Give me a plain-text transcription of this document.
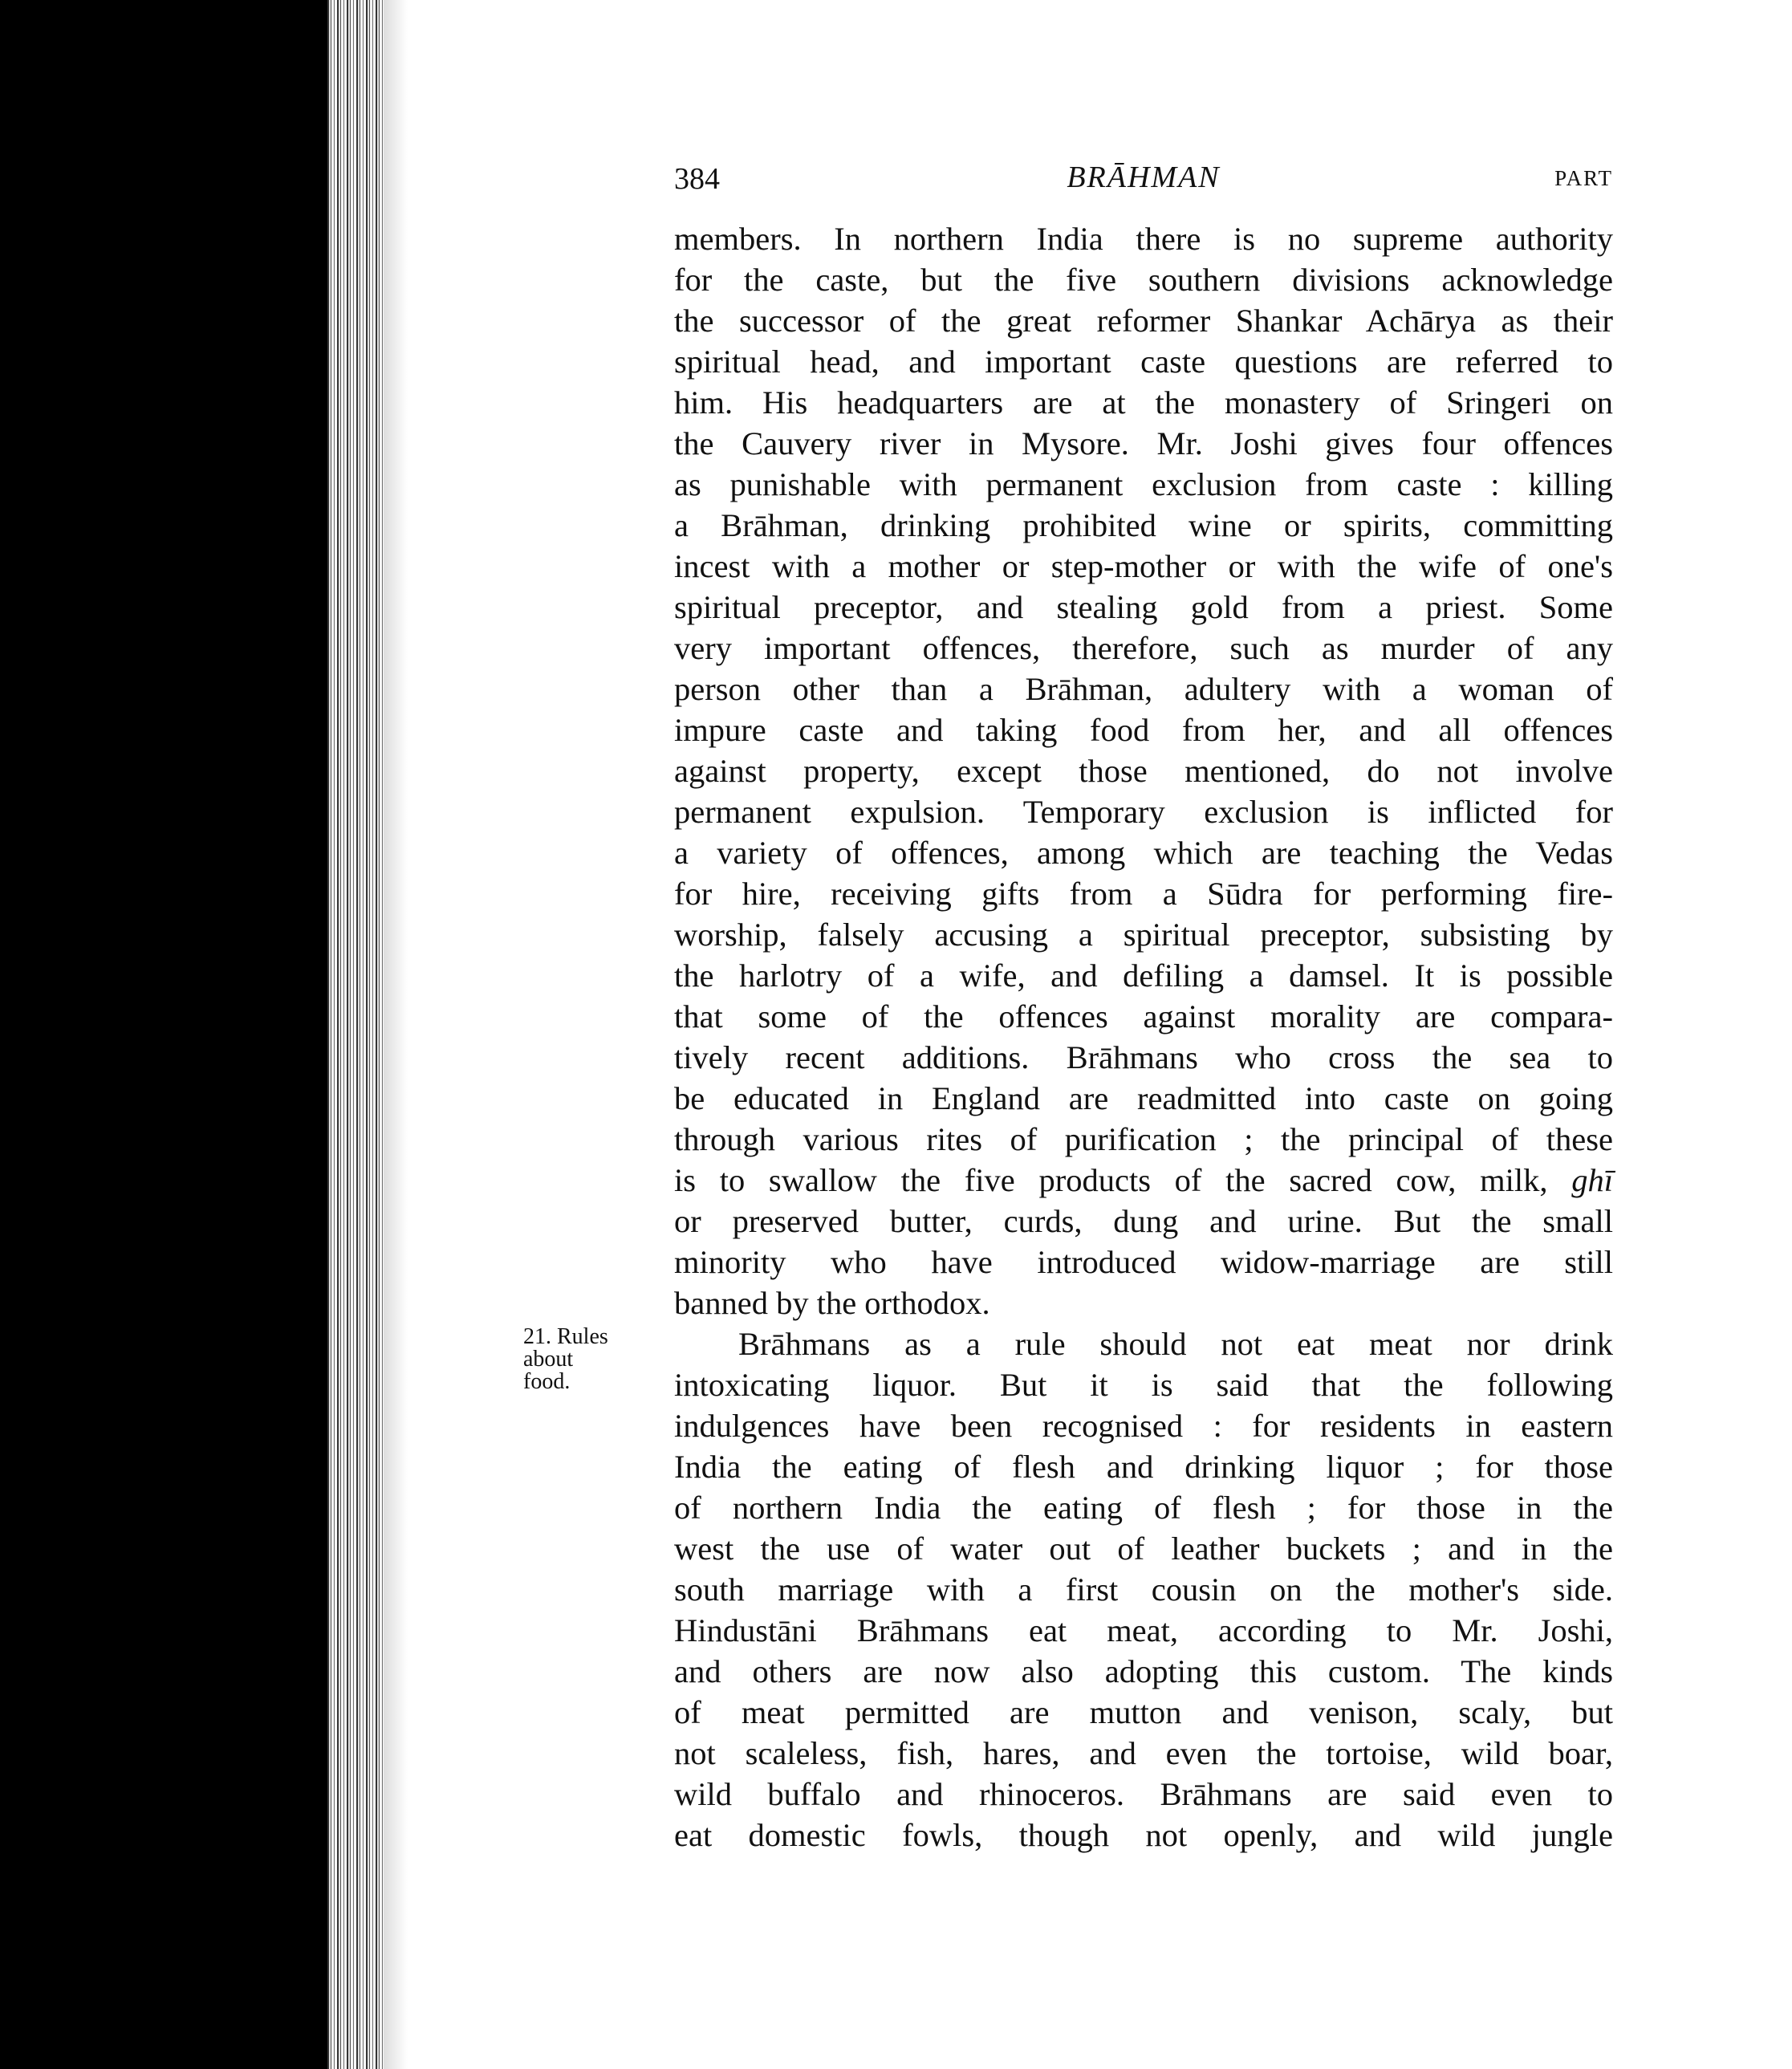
384	BRĀHMAN	PART
21. Rules
about
food.
members. In northern India there is no supreme authority
for the caste, but the five southern divisions acknowledge
the successor of the great reformer Shankar Achārya as their
spiritual head, and important caste questions are referred to
him. His headquarters are at the monastery of Sringeri on
the Cauvery river in Mysore. Mr. Joshi gives four offences
as punishable with permanent exclusion from caste : killing
a Brāhman, drinking prohibited wine or spirits, committing
incest with a mother or step-mother or with the wife of one's
spiritual preceptor, and stealing gold from a priest. Some
very important offences, therefore, such as murder of any
person other than a Brāhman, adultery with a woman of
impure caste and taking food from her, and all offences
against property, except those mentioned, do not involve
permanent expulsion. Temporary exclusion is inflicted for
a variety of offences, among which are teaching the Vedas
for hire, receiving gifts from a Sūdra for performing fire-
worship, falsely accusing a spiritual preceptor, subsisting by
the harlotry of a wife, and defiling a damsel. It is possible
that some of the offences against morality are compara-
tively recent additions. Brāhmans who cross the sea to
be educated in England are readmitted into caste on going
through various rites of purification ; the principal of these
is to swallow the five products of the sacred cow, milk, ghī
or preserved butter, curds, dung and urine. But the small
minority who have introduced widow-marriage are still
banned by the orthodox.
Brāhmans as a rule should not eat meat nor drink
intoxicating liquor. But it is said that the following
indulgences have been recognised : for residents in eastern
India the eating of flesh and drinking liquor ; for those
of northern India the eating of flesh ; for those in the
west the use of water out of leather buckets ; and in the
south marriage with a first cousin on the mother's side.
Hindustāni Brāhmans eat meat, according to Mr. Joshi,
and others are now also adopting this custom. The kinds
of meat permitted are mutton and venison, scaly, but
not scaleless, fish, hares, and even the tortoise, wild boar,
wild buffalo and rhinoceros. Brāhmans are said even to
eat domestic fowls, though not openly, and wild jungle
